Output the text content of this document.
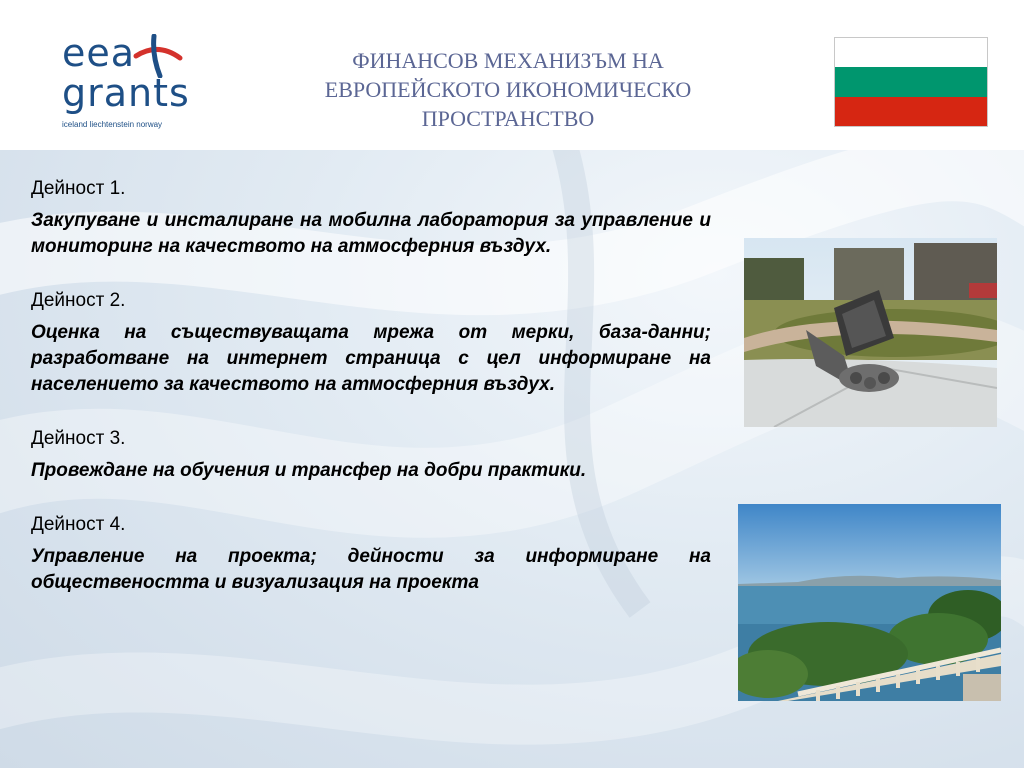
eea
grants
iceland liechtenstein norway
ФИНАНСОВ МЕХАНИЗЪМ НА ЕВРОПЕЙСКОТО ИКОНОМИЧЕСКО ПРОСТРАНСТВО
Дейност 1.
Закупуване и инсталиране на мобилна лаборатория за управление и мониторинг на качеството на атмосферния въздух.
Дейност 2.
Оценка на съществуващата мрежа от мерки, база-данни; разработване на интернет страница с цел информиране на населението за качеството на атмосферния въздух.
Дейност 3.
Провеждане на обучения и трансфер на добри практики.
Дейност 4.
Управление на проекта; дейности за информиране на обществеността и визуализация на проекта
